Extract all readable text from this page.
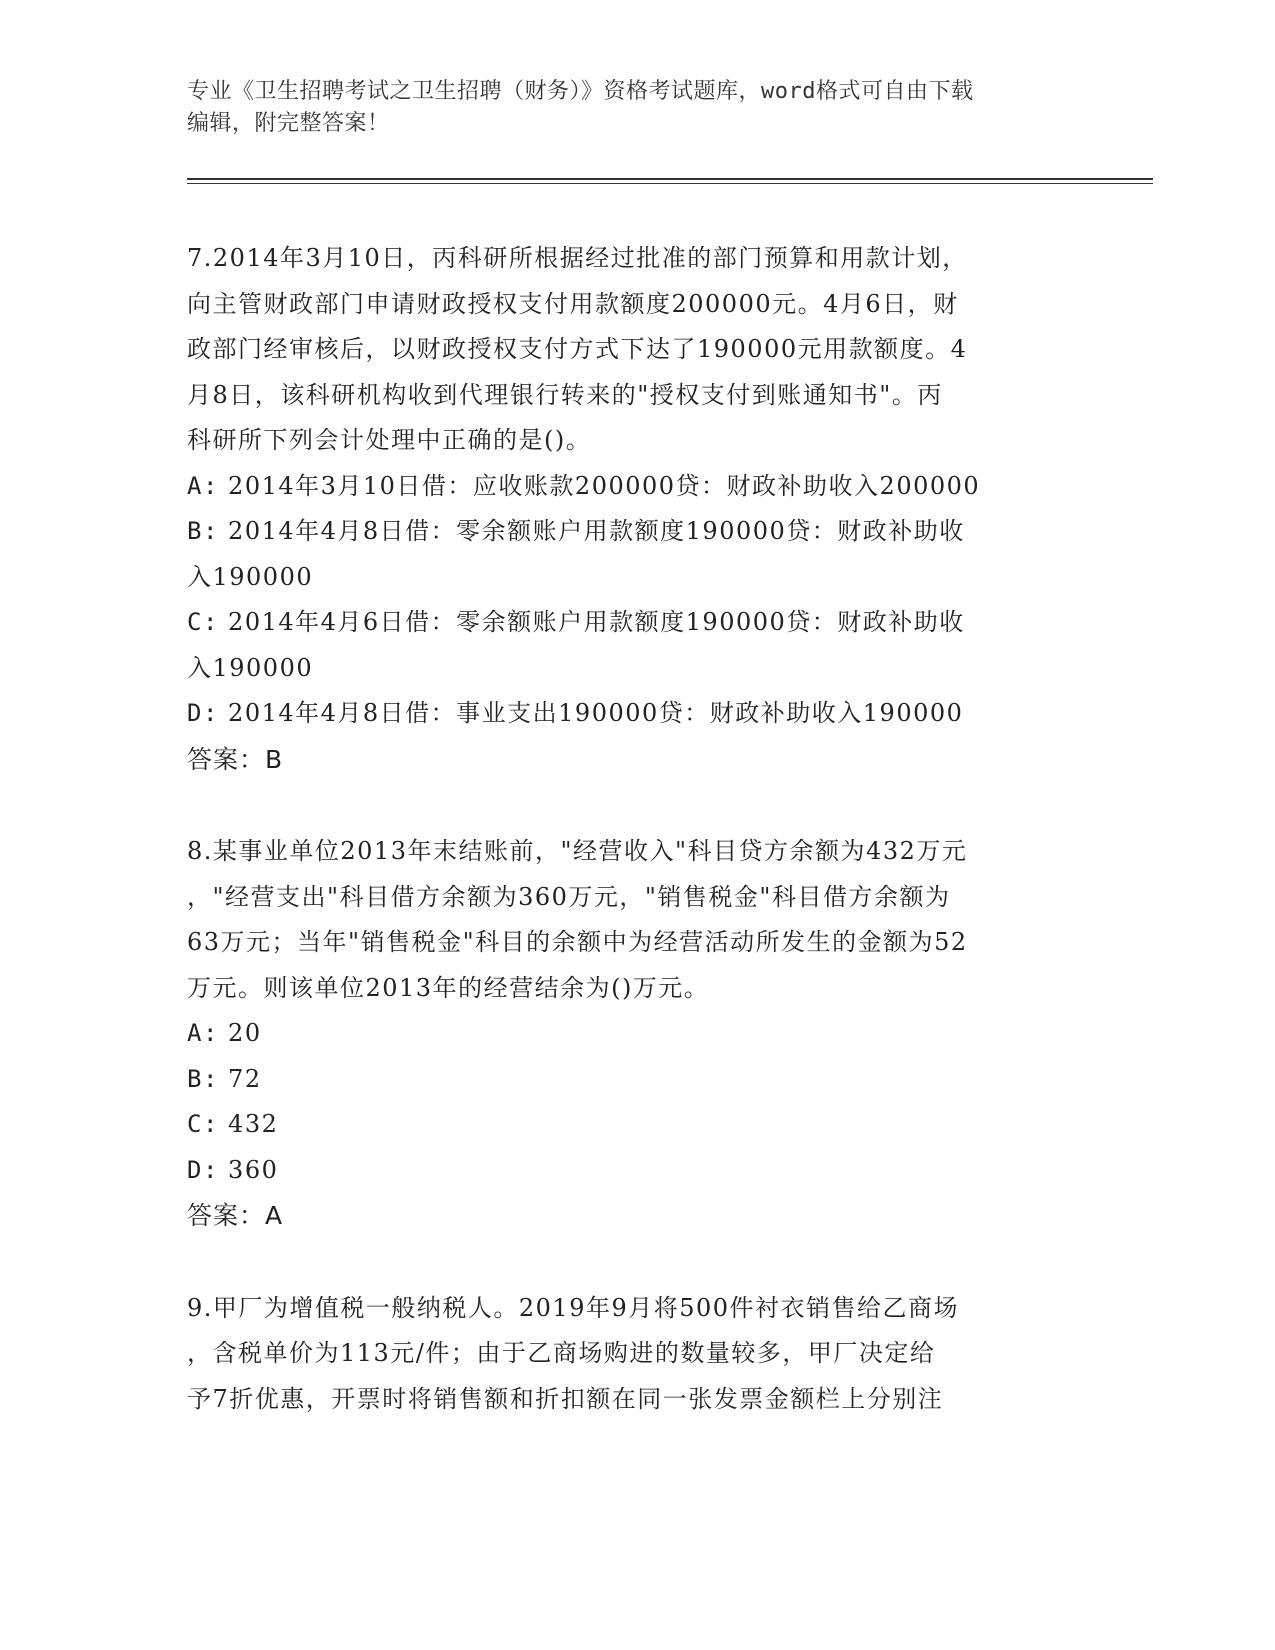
专业《卫生招聘考试之卫生招聘（财务）》资格考试题库，word格式可自由下载
编辑，附完整答案！
7.2014年3月10日，丙科研所根据经过批准的部门预算和用款计划，
向主管财政部门申请财政授权支付用款额度200000元。4月6日，财
政部门经审核后，以财政授权支付方式下达了190000元用款额度。4
月8日，该科研机构收到代理银行转来的"授权支付到账通知书"。丙
科研所下列会计处理中正确的是()。
A: 2014年3月10日借：应收账款200000贷：财政补助收入200000
B: 2014年4月8日借：零余额账户用款额度190000贷：财政补助收
入190000
C: 2014年4月6日借：零余额账户用款额度190000贷：财政补助收
入190000
D: 2014年4月8日借：事业支出190000贷：财政补助收入190000
答案：B
8.某事业单位2013年末结账前，"经营收入"科目贷方余额为432万元
，"经营支出"科目借方余额为360万元，"销售税金"科目借方余额为
63万元；当年"销售税金"科目的余额中为经营活动所发生的金额为52
万元。则该单位2013年的经营结余为()万元。
A: 20
B: 72
C: 432
D: 360
答案：A
9.甲厂为增值税一般纳税人。2019年9月将500件衬衣销售给乙商场
，含税单价为113元/件；由于乙商场购进的数量较多，甲厂决定给
予7折优惠，开票时将销售额和折扣额在同一张发票金额栏上分别注
